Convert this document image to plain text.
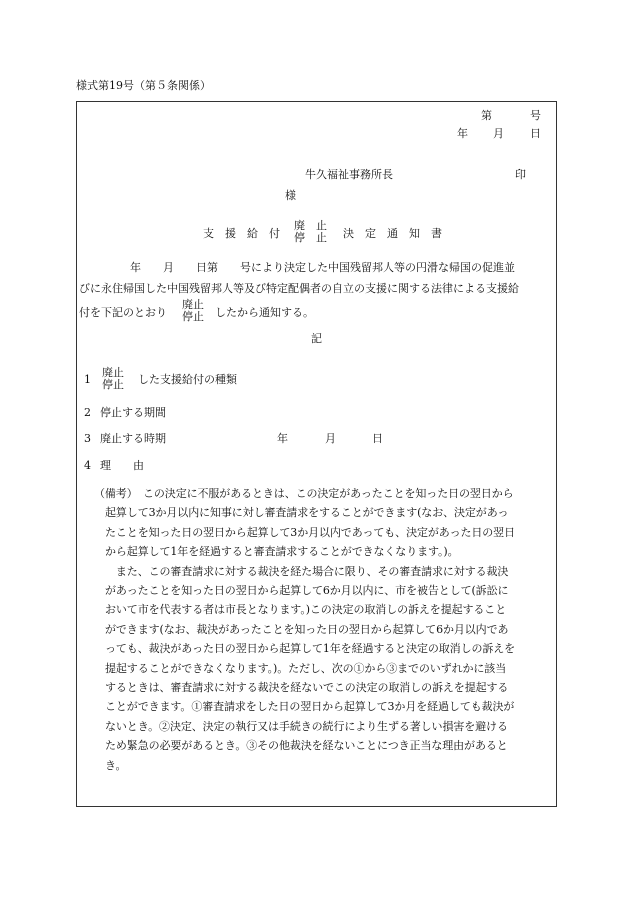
様式第19号（第５条関係）
第	号
年 月 日
牛久福祉事務所長	印
様
支　援　給　付
廃　止
停　止 決　定　通　知　書
年　　月　　日第　　号により決定した中国残留邦人等の円滑な帰国の促進並
びに永住帰国した中国残留邦人等及び特定配偶者の自立の支援に関する法律による支援給
付を下記のとおり
廃止
停止 したから通知する。
記
1
廃止
停止 した支援給付の種類
2 停止する期間
3 廃止する時期	年	月	日
4 理　　由

（備考）　この決定に不服があるときは、この決定があったことを知った日の翌日から

起算して3か月以内に知事に対し審査請求をすることができます(なお、決定があっ

たことを知った日の翌日から起算して3か月以内であっても、決定があった日の翌日

から起算して1年を経過すると審査請求することができなくなります。)。

　また、この審査請求に対する裁決を経た場合に限り、その審査請求に対する裁決

があったことを知った日の翌日から起算して6か月以内に、市を被告として(訴訟に

おいて市を代表する者は市長となります。)この決定の取消しの訴えを提起すること

ができます(なお、裁決があったことを知った日の翌日から起算して6か月以内であ

っても、裁決があった日の翌日から起算して1年を経過すると決定の取消しの訴えを

提起することができなくなります。)。ただし、次の①から③までのいずれかに該当

するときは、審査請求に対する裁決を経ないでこの決定の取消しの訴えを提起する

ことができます。①審査請求をした日の翌日から起算して3か月を経過しても裁決が

ないとき。②決定、決定の執行又は手続きの続行により生ずる著しい損害を避ける

ため緊急の必要があるとき。③その他裁決を経ないことにつき正当な理由があると

き。
